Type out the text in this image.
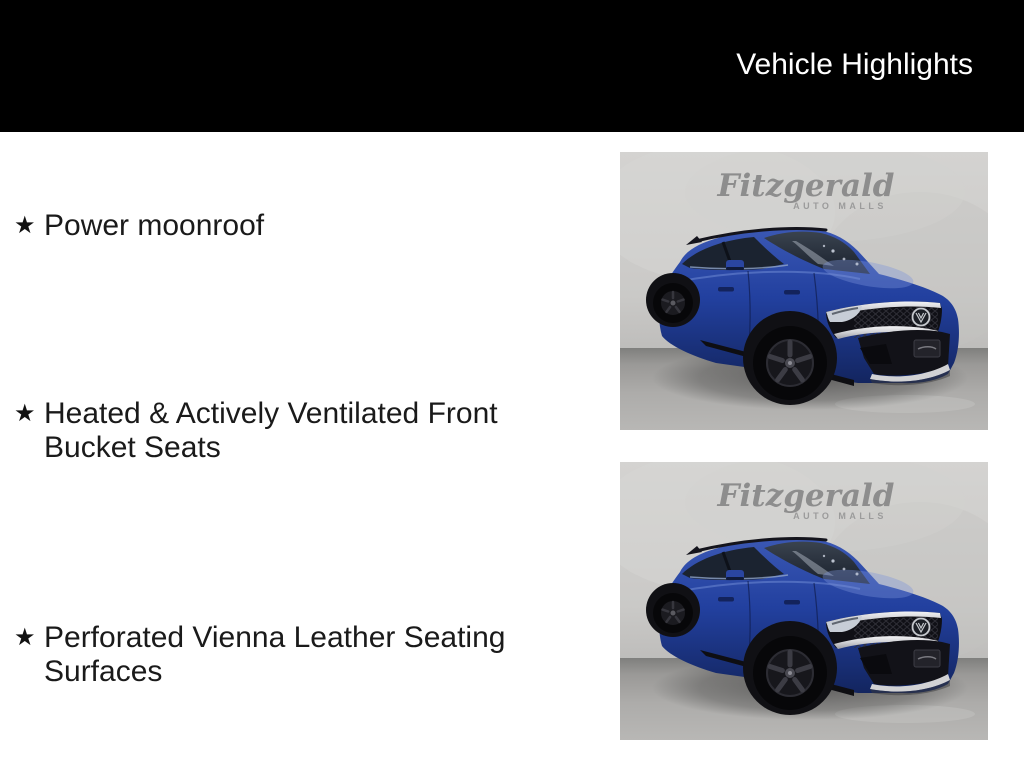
Vehicle Highlights
★ Power moonroof
★ Heated & Actively Ventilated Front Bucket Seats
★ Perforated Vienna Leather Seating Surfaces
